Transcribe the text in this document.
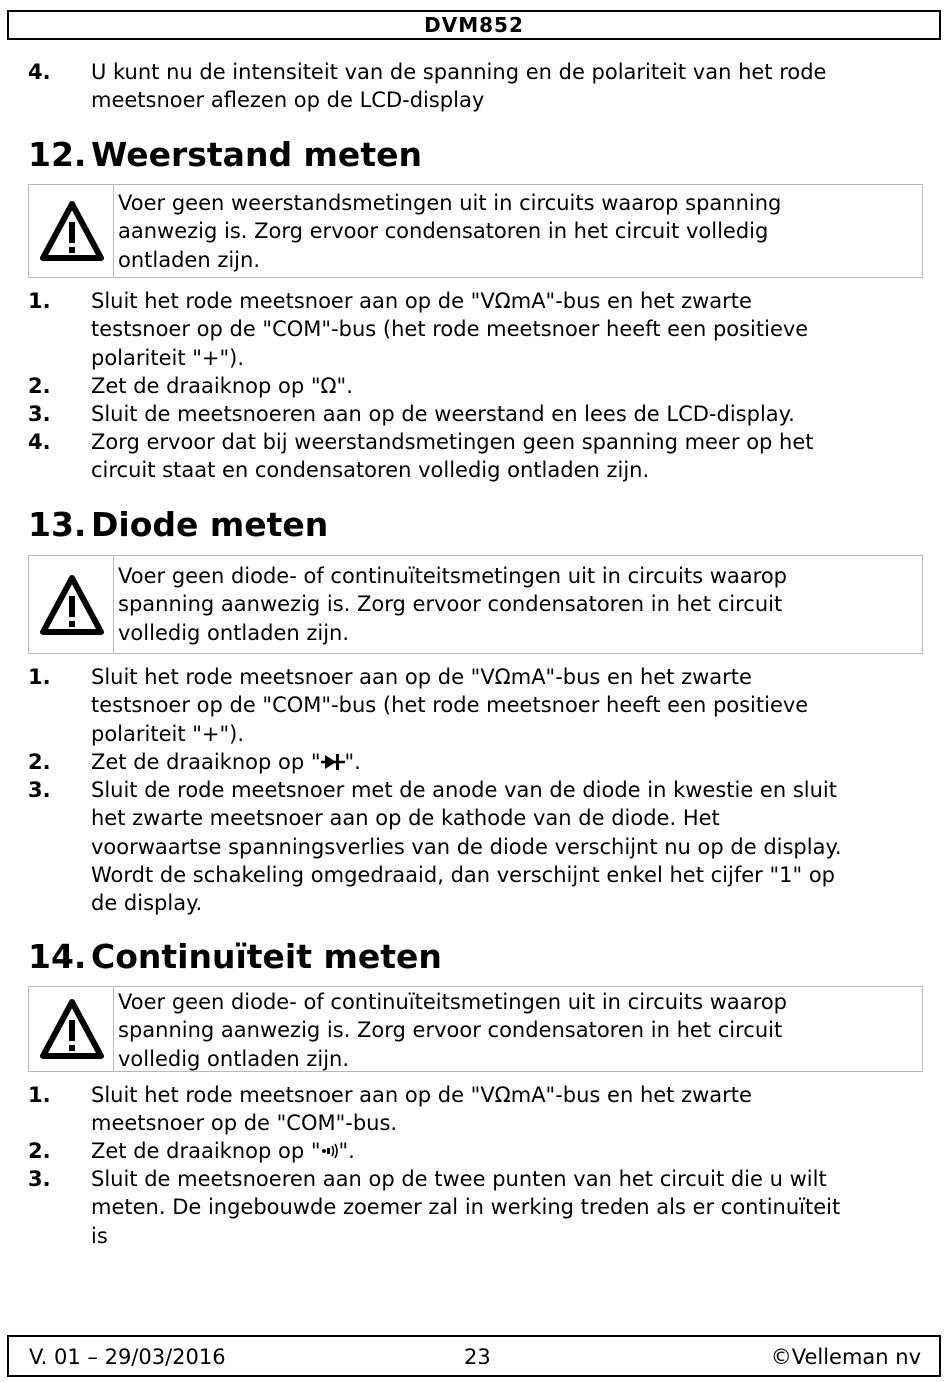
DVM852
4. U kunt nu de intensiteit van de spanning en de polariteit van het rode
meetsnoer aflezen op de LCD-display
12. Weerstand meten
Voer geen weerstandsmetingen uit in circuits waarop spanning
aanwezig is. Zorg ervoor condensatoren in het circuit volledig
ontladen zijn.
1. Sluit het rode meetsnoer aan op de "VΩmA"-bus en het zwarte
testsnoer op de "COM"-bus (het rode meetsnoer heeft een positieve
polariteit "+").
2. Zet de draaiknop op "Ω".
3. Sluit de meetsnoeren aan op de weerstand en lees de LCD-display.
4. Zorg ervoor dat bij weerstandsmetingen geen spanning meer op het
circuit staat en condensatoren volledig ontladen zijn.
13. Diode meten
Voer geen diode- of continuïteitsmetingen uit in circuits waarop
spanning aanwezig is. Zorg ervoor condensatoren in het circuit
volledig ontladen zijn.
1. Sluit het rode meetsnoer aan op de "VΩmA"-bus en het zwarte
testsnoer op de "COM"-bus (het rode meetsnoer heeft een positieve
polariteit "+").
2. Zet de draaiknop op " ".
3. Sluit de rode meetsnoer met de anode van de diode in kwestie en sluit
het zwarte meetsnoer aan op de kathode van de diode. Het
voorwaartse spanningsverlies van de diode verschijnt nu op de display.
Wordt de schakeling omgedraaid, dan verschijnt enkel het cijfer "1" op
de display.
14. Continuïteit meten
Voer geen diode- of continuïteitsmetingen uit in circuits waarop
spanning aanwezig is. Zorg ervoor condensatoren in het circuit
volledig ontladen zijn.
1. Sluit het rode meetsnoer aan op de "VΩmA"-bus en het zwarte
meetsnoer op de "COM"-bus.
2. Zet de draaiknop op " ".
3. Sluit de meetsnoeren aan op de twee punten van het circuit die u wilt
meten. De ingebouwde zoemer zal in werking treden als er continuïteit
is
V. 01 – 29/03/2016	23	©Velleman nv
